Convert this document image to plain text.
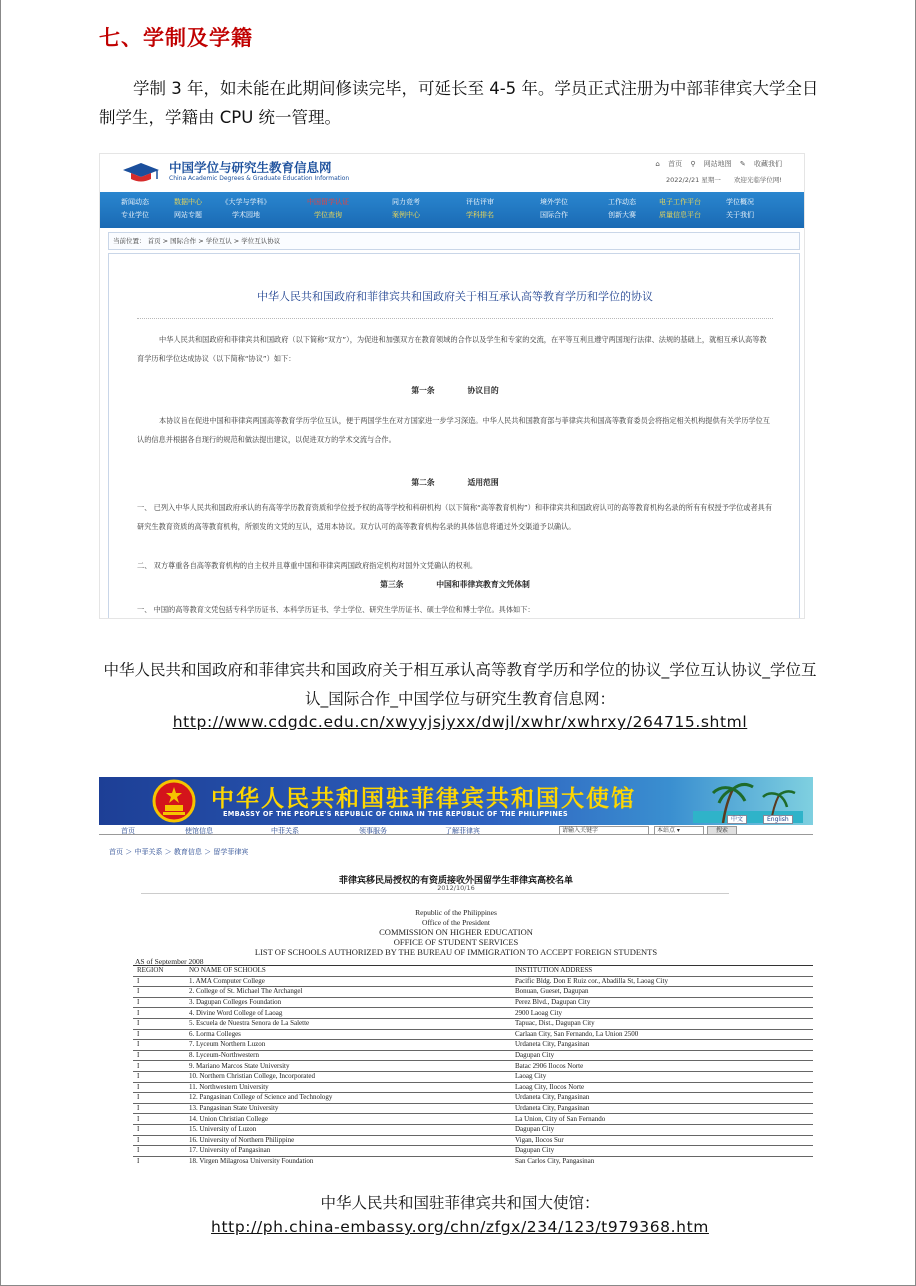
七、学制及学籍

学制 3 年，如未能在此期间修读完毕，可延长至 4-5 年。学员正式注册为中部菲律宾大学全日制学生，学籍由 CPU 统一管理。

中国学位与研究生教育信息网
China Academic Degrees & Graduate Education Information
⌂ 首页 ⚲ 网站地图 ✎ 收藏我们
2022/2/21 星期一　　欢迎光临学位网!
新闻动态
专业学位
数据中心
网站专题
《大学与学科》
学术园地
中国留学认证
学位查询
同力竞考
案例中心
评估评审
学科排名
境外学位
国际合作
工作动态
创新大赛
电子工作平台
质量信息平台
学位概况
关于我们
当前位置： 首页 > 国际合作 > 学位互认 > 学位互认协议
中华人民共和国政府和菲律宾共和国政府关于相互承认高等教育学历和学位的协议

中华人民共和国政府和菲律宾共和国政府（以下简称“双方”），为促进和加强双方在教育领域的合作以及学生和专家的交流，在平等互利且遵守两国现行法律、法规的基础上，就相互承认高等教育学历和学位达成协议（以下简称“协议”）如下：

第一条 协议目的

本协议旨在促进中国和菲律宾两国高等教育学历学位互认，便于两国学生在对方国家进一步学习深造。中华人民共和国教育部与菲律宾共和国高等教育委员会将指定相关机构提供有关学历学位互认的信息并根据各自现行的规范和做法提出建议，以促进双方的学术交流与合作。

第二条 适用范围

一、 已列入中华人民共和国政府承认的有高等学历教育资质和学位授予权的高等学校和科研机构（以下简称“高等教育机构”）和菲律宾共和国政府认可的高等教育机构名录的所有有权授予学位或者具有研究生教育资质的高等教育机构，所颁发的文凭的互认，适用本协议。双方认可的高等教育机构名录的具体信息将通过外交渠道予以确认。

二、 双方尊重各自高等教育机构的自主权并且尊重中国和菲律宾两国政府指定机构对国外文凭确认的权利。

第三条 中国和菲律宾教育文凭体制

一、 中国的高等教育文凭包括专科学历证书、本科学历证书、学士学位、研究生学历证书、硕士学位和博士学位。具体如下：

中华人民共和国政府和菲律宾共和国政府关于相互承认高等教育学历和学位的协议_学位互认协议_学位互认_国际合作_中国学位与研究生教育信息网：
http://www.cdgdc.edu.cn/xwyyjsjyxx/dwjl/xwhr/xwhrxy/264715.shtml
中华人民共和国驻菲律宾共和国大使馆
EMBASSY OF THE PEOPLE'S REPUBLIC OF CHINA IN THE REPUBLIC OF THE PHILIPPINES
中文	English
首页	使馆信息	中菲关系	领事服务	了解菲律宾	请输入关键字	本站点 ▾	搜索
首页 ＞ 中菲关系 ＞ 教育信息 ＞ 留学菲律宾
菲律宾移民局授权的有资质接收外国留学生菲律宾高校名单
2012/10/16
Republic of the Philippines
Office of the President
COMMISSION ON HIGHER EDUCATION
OFFICE OF STUDENT SERVICES
LIST OF SCHOOLS AUTHORIZED BY THE BUREAU OF IMMIGRATION TO ACCEPT FOREIGN STUDENTS
AS of September 2008
REGION	NO NAME OF SCHOOLS	INSTITUTION ADDRESS
I	1. AMA Computer College	Pacific Bldg. Don E Ruiz cor., Abadilla St, Laoag City
I	2. College of St. Michael The Archangel	Bonuan, Gueset, Dagupan
I	3. Dagupan Colleges Foundation	Perez Blvd., Dagupan City
I	4. Divine Word College of Laoag	2900 Laoag City
I	5. Escuela de Nuestra Senora de La Salette	Tapuac, Dist., Dagupan City
I	6. Lorma Colleges	Carlaan City, San Fernando, La Union 2500
I	7. Lyceum Northern Luzon	Urdaneta City, Pangasinan
I	8. Lyceum-Northwestern	Dagupan City
I	9. Mariano Marcos State University	Batac 2906 Ilocos Norte
I	10. Northern Christian College, Incorporated	Laoag City
I	11. Northwestern University	Laoag City, Ilocos Norte
I	12. Pangasinan College of Science and Technology	Urdaneta City, Pangasinan
I	13. Pangasinan State University	Urdaneta City, Pangasinan
I	14. Union Christian College	La Union, City of San Fernando
I	15. University of Luzon	Dagupan City
I	16. University of Northern Philippine	Vigan, Ilocos Sur
I	17. University of Pangasinan	Dagupan City
I	18. Virgen Milagrosa University Foundation	San Carlos City, Pangasinan
中华人民共和国驻菲律宾共和国大使馆：
http://ph.china-embassy.org/chn/zfgx/234/123/t979368.htm
